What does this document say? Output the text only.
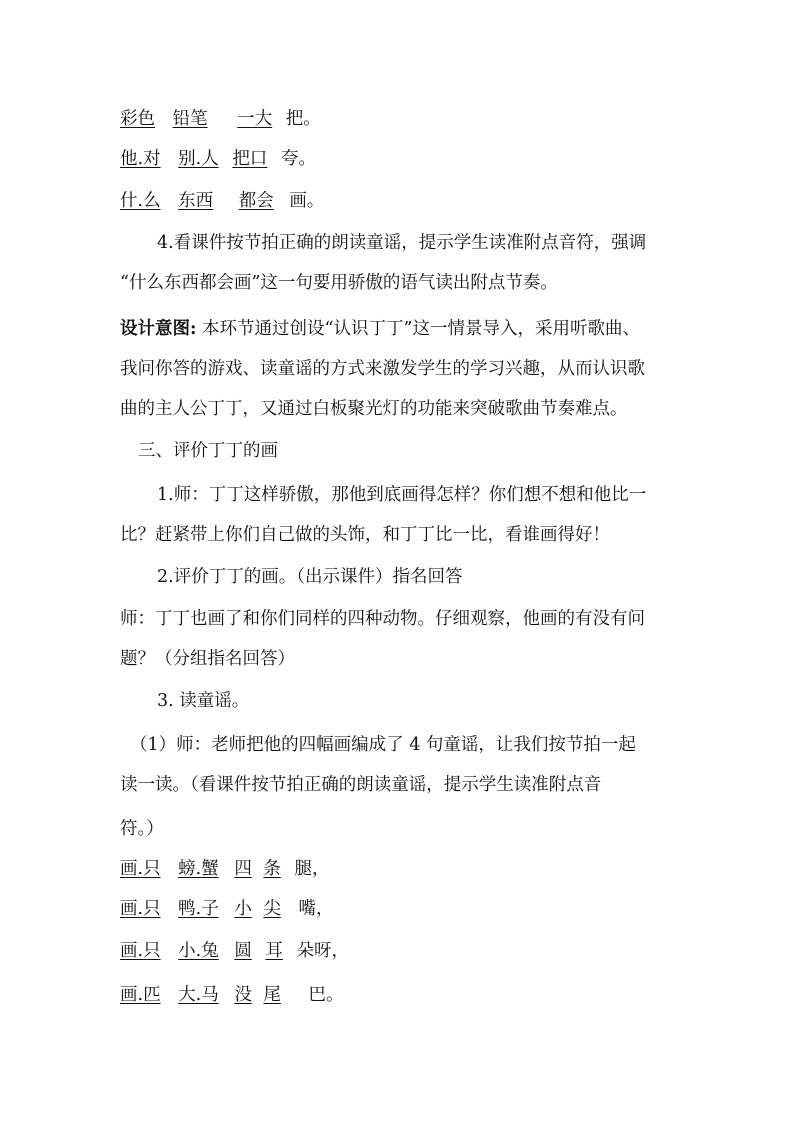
彩色 铅笔 一大 把。
他.对 别.人 把口 夸。
什.么 东西 都会 画。
4.看课件按节拍正确的朗读童谣，提示学生读准附点音符，强调
“什么东西都会画”这一句要用骄傲的语气读出附点节奏。
设计意图: 本环节通过创设“认识丁丁”这一情景导入，采用听歌曲、
我问你答的游戏、读童谣的方式来激发学生的学习兴趣，从而认识歌
曲的主人公丁丁，又通过白板聚光灯的功能来突破歌曲节奏难点。
三、评价丁丁的画
1.师：丁丁这样骄傲，那他到底画得怎样？你们想不想和他比一
比？赶紧带上你们自己做的头饰，和丁丁比一比，看谁画得好！
2.评价丁丁的画。（出示课件）指名回答
师：丁丁也画了和你们同样的四种动物。仔细观察，他画的有没有问
题？（分组指名回答）
3. 读童谣。
（1）师：老师把他的四幅画编成了 4 句童谣，让我们按节拍一起
读一读。（看课件按节拍正确的朗读童谣，提示学生读准附点音
符。）
画.只 螃.蟹 四 条 腿，
画.只 鸭.子 小 尖 嘴，
画.只 小.兔 圆 耳 朵呀，
画.匹 大.马 没 尾 巴。
